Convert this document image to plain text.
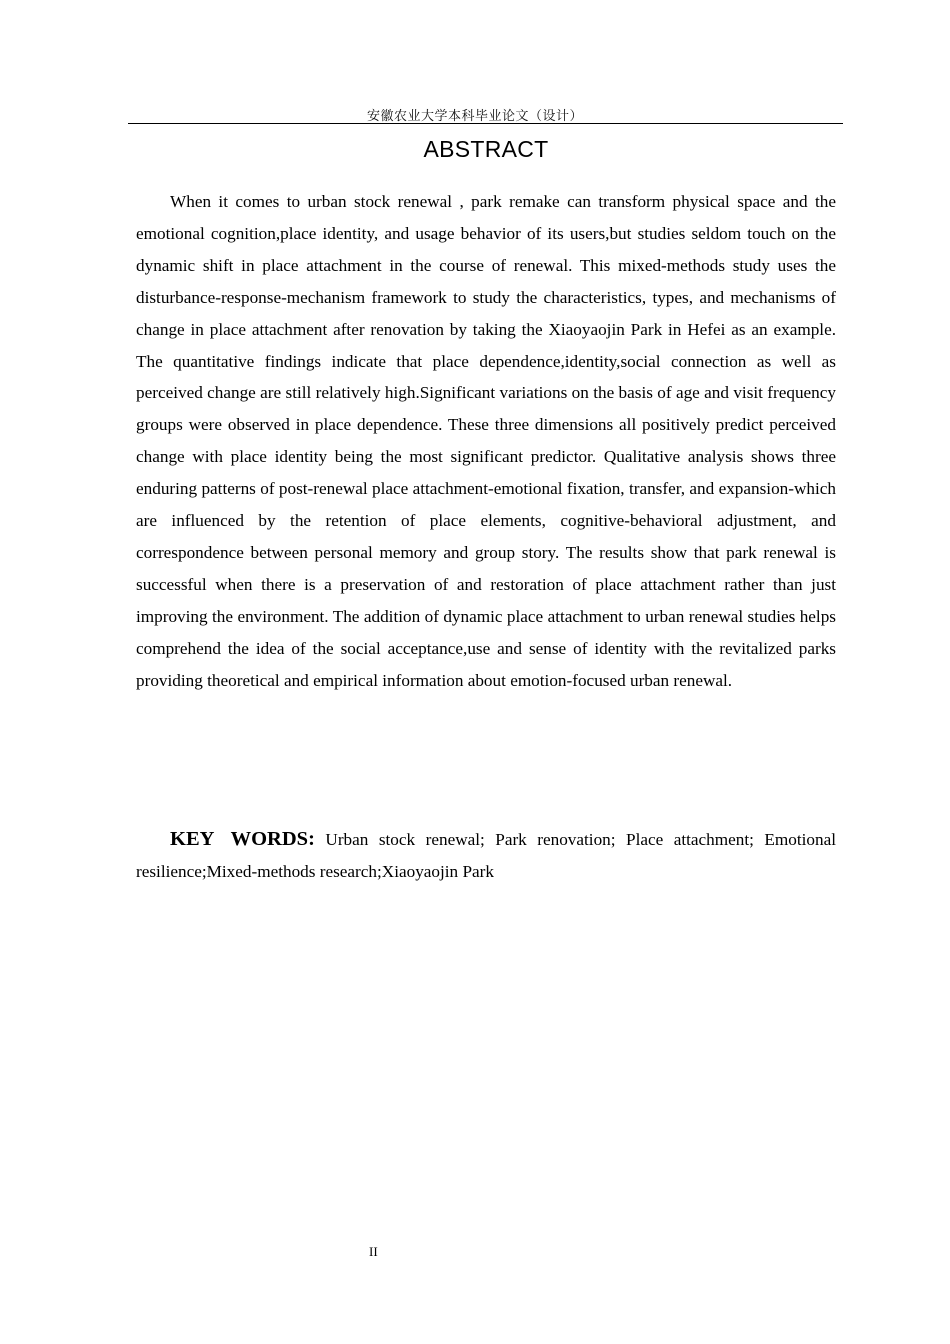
安徽农业大学本科毕业论文（设计）
ABSTRACT

When it comes to urban stock renewal , park remake can transform physical space and the emotional cognition,place identity, and usage behavior of its users,but studies seldom touch on the dynamic shift in place attachment in the course of renewal. This mixed-methods study uses the disturbance-response-mechanism framework to study the characteristics, types, and mechanisms of change in place attachment after renovation by taking the Xiaoyaojin Park in Hefei as an example. The quantitative findings indicate that place dependence,identity,social connection as well as perceived change are still relatively high.Significant variations on the basis of age and visit frequency groups were observed in place dependence. These three dimensions all positively predict perceived change with place identity being the most significant predictor. Qualitative analysis shows three enduring patterns of post-renewal place attachment-emotional fixation, transfer, and expansion-which are influenced by the retention of place elements, cognitive-behavioral adjustment, and correspondence between personal memory and group story. The results show that park renewal is successful when there is a preservation of and restoration of place attachment rather than just improving the environment. The addition of dynamic place attachment to urban renewal studies helps comprehend the idea of the social acceptance,use and sense of identity with the revitalized parks providing theoretical and empirical information about emotion-focused urban renewal.

KEY WORDS: Urban stock renewal; Park renovation; Place attachment; Emotional resilience;Mixed-methods research;Xiaoyaojin Park

II
